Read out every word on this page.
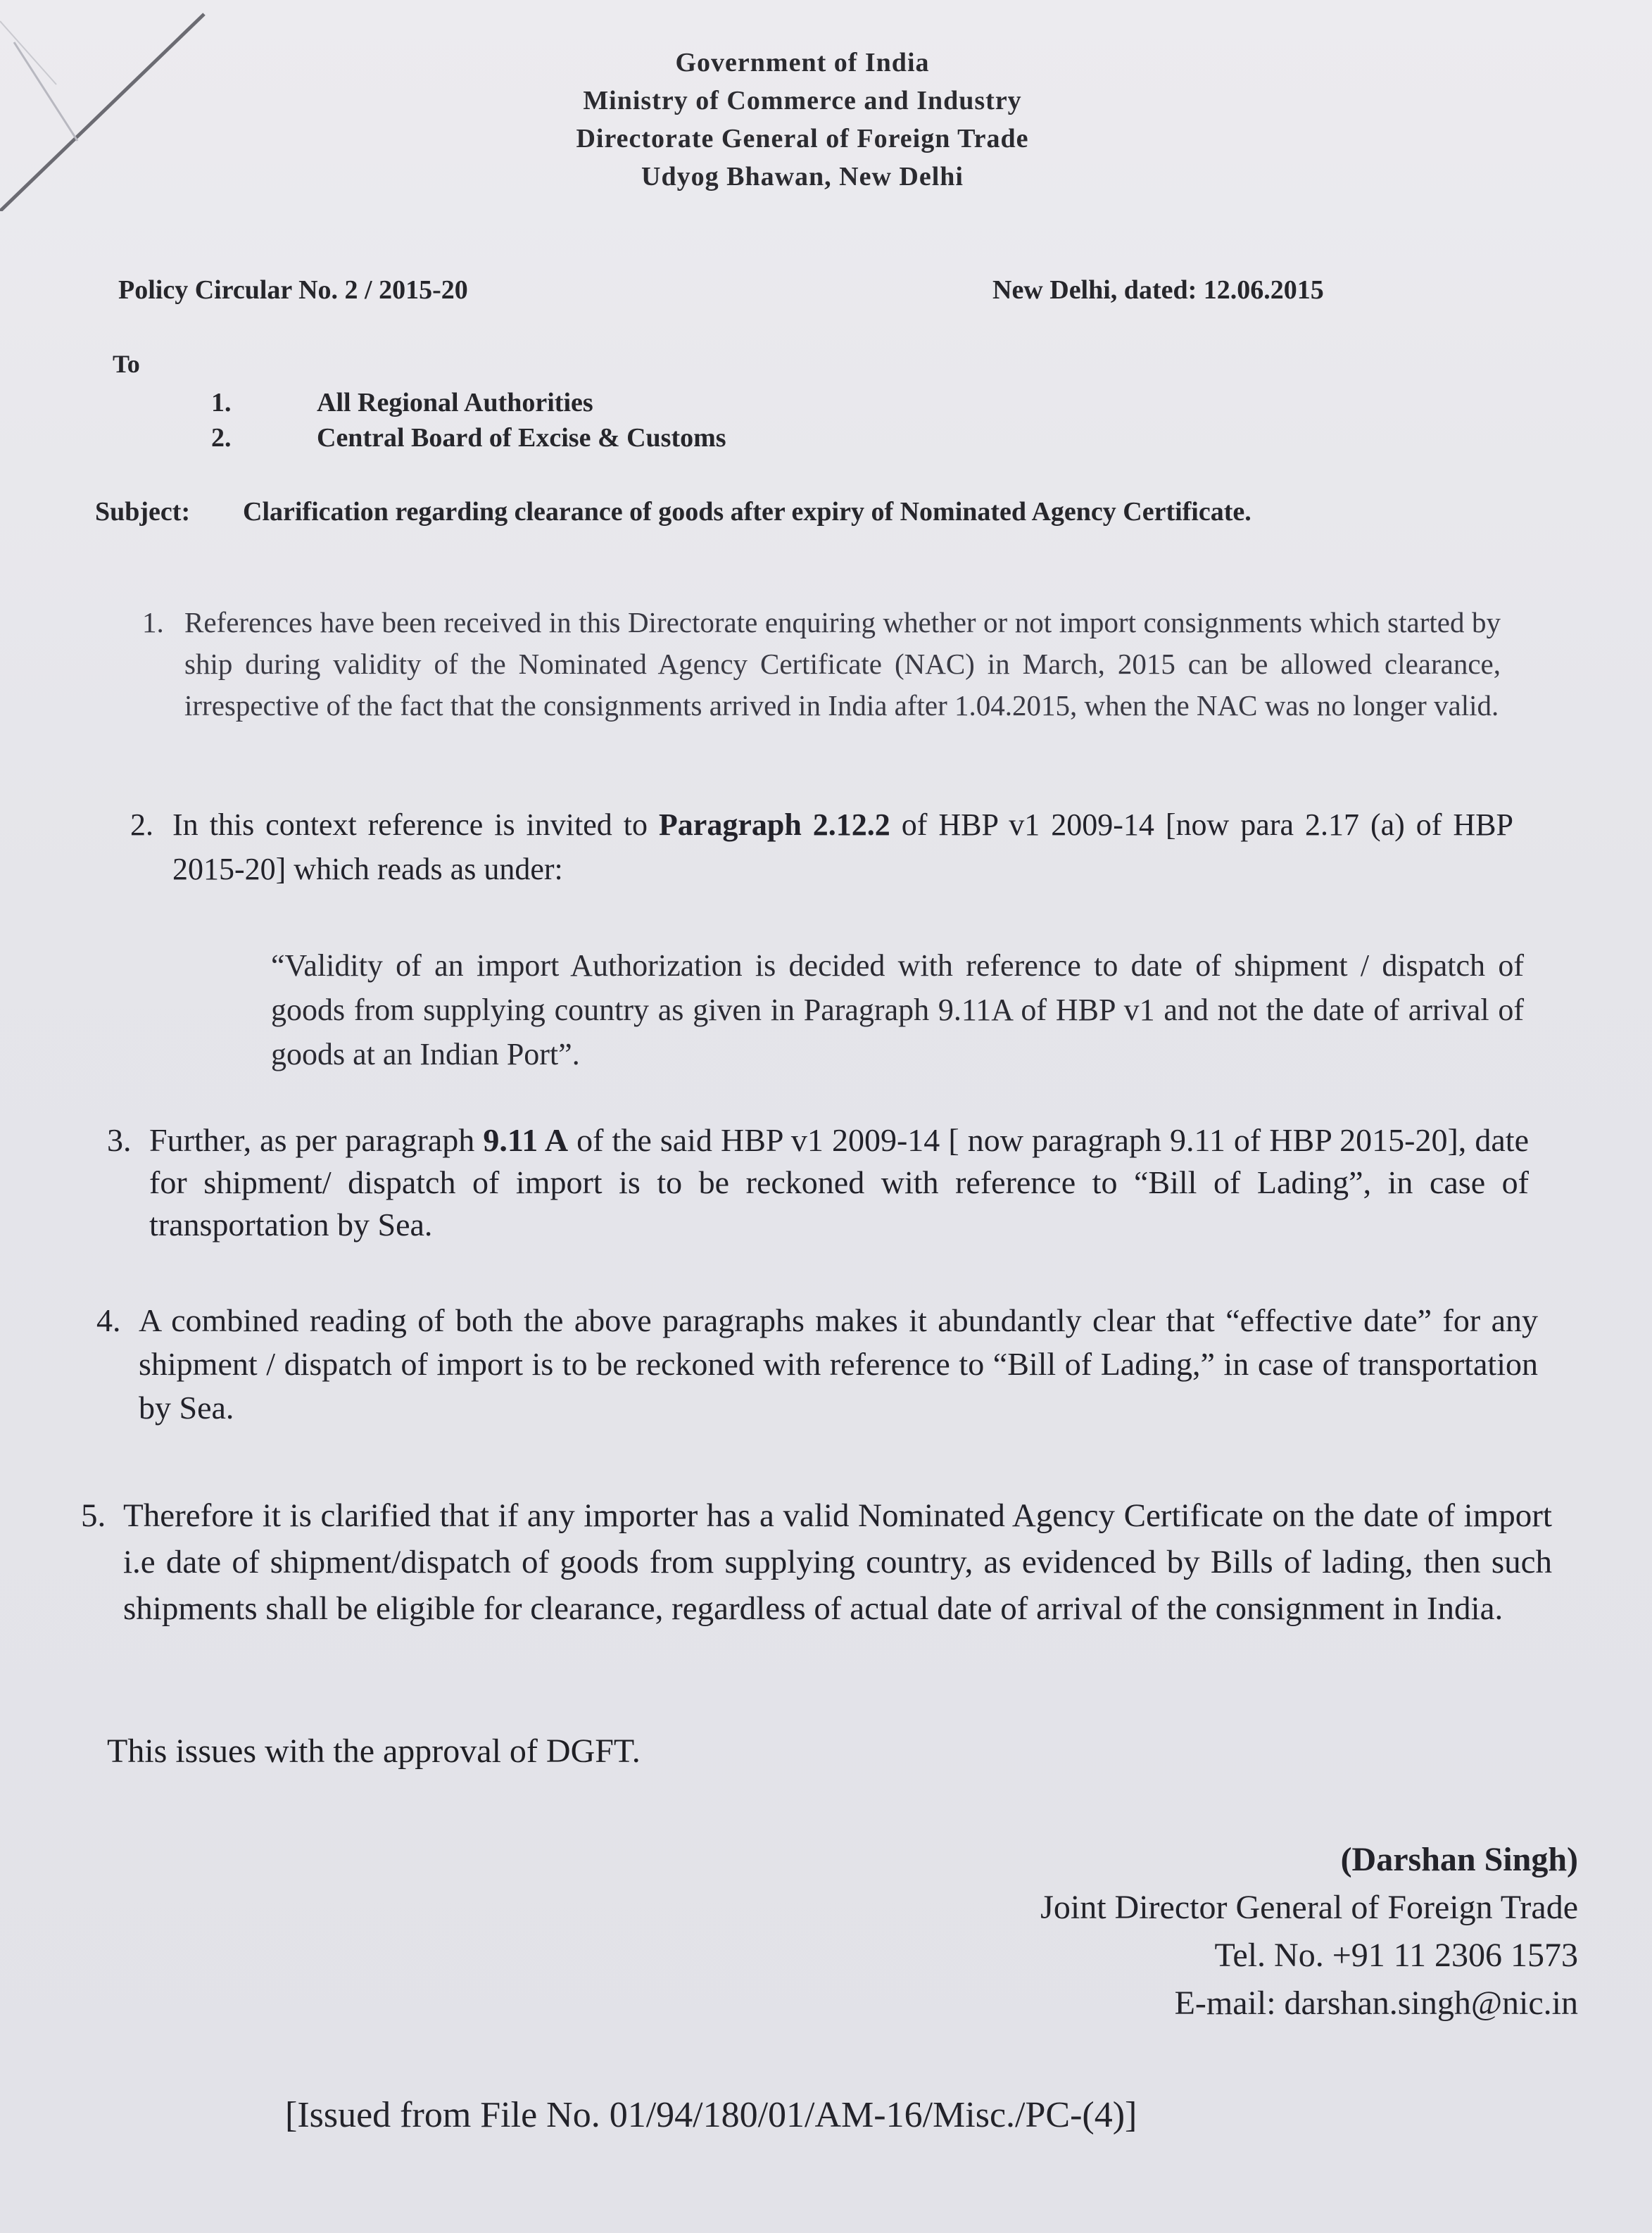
Government of India
Ministry of Commerce and Industry
Directorate General of Foreign Trade
Udyog Bhawan, New Delhi
Policy Circular No. 2 / 2015-20	New Delhi, dated: 12.06.2015
To
1.	All Regional Authorities
2.	Central Board of Excise & Customs
Subject:	Clarification regarding clearance of goods after expiry of Nominated Agency Certificate.
1. References have been received in this Directorate enquiring whether or not import consignments which started by ship during validity of the Nominated Agency Certificate (NAC) in March, 2015 can be allowed clearance, irrespective of the fact that the consignments arrived in India after 1.04.2015, when the NAC was no longer valid.
2. In this context reference is invited to Paragraph 2.12.2 of HBP v1 2009-14 [now para 2.17 (a) of HBP 2015-20] which reads as under:
“Validity of an import Authorization is decided with reference to date of shipment / dispatch of goods from supplying country as given in Paragraph 9.11A of HBP v1 and not the date of arrival of goods at an Indian Port”.
3. Further, as per paragraph 9.11 A of the said HBP v1 2009-14 [ now paragraph 9.11 of HBP 2015-20], date for shipment/ dispatch of import is to be reckoned with reference to “Bill of Lading”, in case of transportation by Sea.
4. A combined reading of both the above paragraphs makes it abundantly clear that “effective date” for any shipment / dispatch of import is to be reckoned with reference to “Bill of Lading,” in case of transportation by Sea.
5. Therefore it is clarified that if any importer has a valid Nominated Agency Certificate on the date of import i.e date of shipment/dispatch of goods from supplying country, as evidenced by Bills of lading, then such shipments shall be eligible for clearance, regardless of actual date of arrival of the consignment in India.
This issues with the approval of DGFT.
(Darshan Singh)
Joint Director General of Foreign Trade
Tel. No. +91 11 2306 1573
E-mail: darshan.singh@nic.in
[Issued from File No. 01/94/180/01/AM-16/Misc./PC-(4)]
